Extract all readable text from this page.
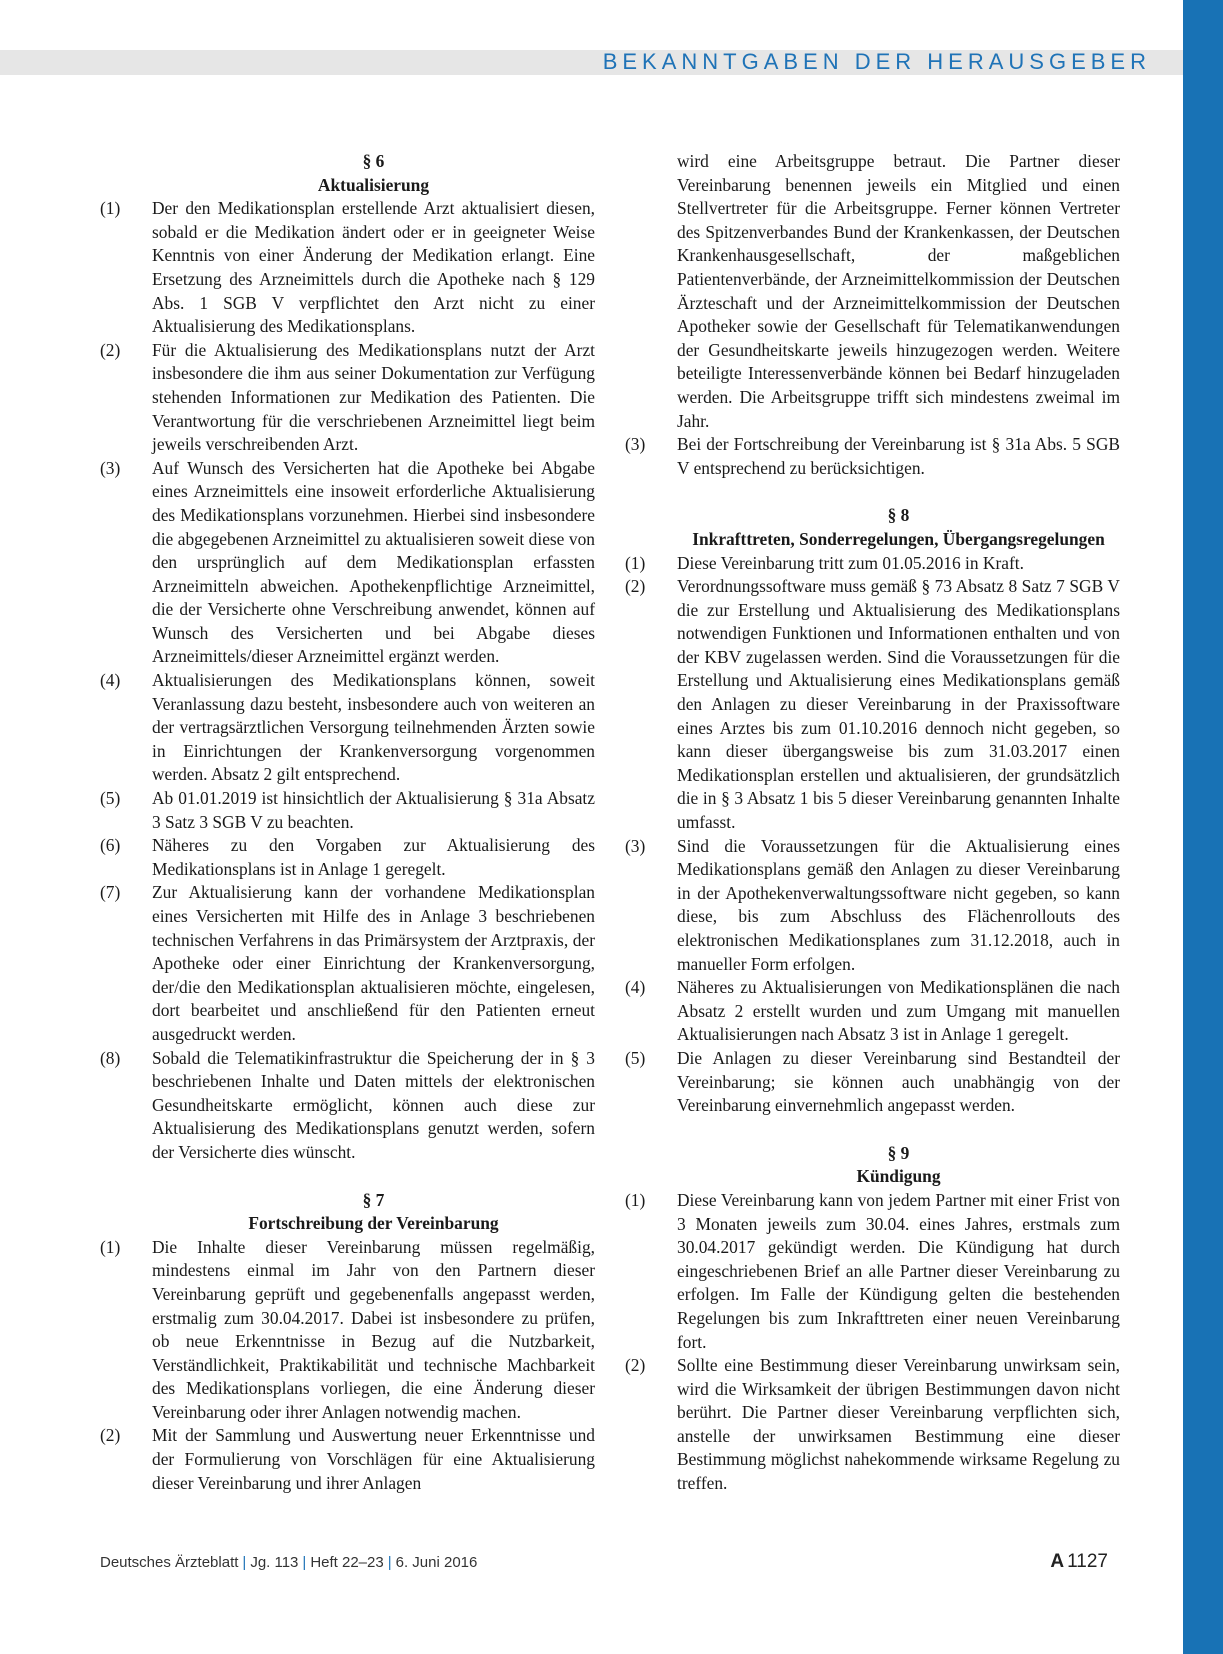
BEKANNTGABEN DER HERAUSGEBER
§ 6
Aktualisierung
(1)	Der den Medikationsplan erstellende Arzt aktualisiert diesen, sobald er die Medikation ändert oder er in geeigneter Weise Kenntnis von einer Änderung der Medikation erlangt. Eine Ersetzung des Arzneimittels durch die Apotheke nach § 129 Abs. 1 SGB V verpflichtet den Arzt nicht zu einer Aktualisierung des Medikationsplans.
(2)	Für die Aktualisierung des Medikationsplans nutzt der Arzt insbesondere die ihm aus seiner Dokumentation zur Verfügung stehenden Informationen zur Medikation des Patienten. Die Verantwortung für die verschriebenen Arzneimittel liegt beim jeweils verschreibenden Arzt.
(3)	Auf Wunsch des Versicherten hat die Apotheke bei Abgabe eines Arzneimittels eine insoweit erforderliche Aktualisierung des Medikationsplans vorzunehmen. Hierbei sind insbesondere die abgegebenen Arzneimittel zu aktualisieren soweit diese von den ursprünglich auf dem Medikationsplan erfassten Arzneimitteln abweichen. Apothekenpflichtige Arzneimittel, die der Versicherte ohne Verschreibung anwendet, können auf Wunsch des Versicherten und bei Abgabe dieses Arzneimittels/dieser Arzneimittel ergänzt werden.
(4)	Aktualisierungen des Medikationsplans können, soweit Veranlassung dazu besteht, insbesondere auch von weiteren an der vertragsärztlichen Versorgung teilnehmenden Ärzten sowie in Einrichtungen der Krankenversorgung vorgenommen werden. Absatz 2 gilt entsprechend.
(5)	Ab 01.01.2019 ist hinsichtlich der Aktualisierung § 31a Absatz 3 Satz 3 SGB V zu beachten.
(6)	Näheres zu den Vorgaben zur Aktualisierung des Medikationsplans ist in Anlage 1 geregelt.
(7)	Zur Aktualisierung kann der vorhandene Medikationsplan eines Versicherten mit Hilfe des in Anlage 3 beschriebenen technischen Verfahrens in das Primärsystem der Arztpraxis, der Apotheke oder einer Einrichtung der Krankenversorgung, der/die den Medikationsplan aktualisieren möchte, eingelesen, dort bearbeitet und anschließend für den Patienten erneut ausgedruckt werden.
(8)	Sobald die Telematikinfrastruktur die Speicherung der in § 3 beschriebenen Inhalte und Daten mittels der elektronischen Gesundheitskarte ermöglicht, können auch diese zur Aktualisierung des Medikationsplans genutzt werden, sofern der Versicherte dies wünscht.
§ 7
Fortschreibung der Vereinbarung
(1)	Die Inhalte dieser Vereinbarung müssen regelmäßig, mindestens einmal im Jahr von den Partnern dieser Vereinbarung geprüft und gegebenenfalls angepasst werden, erstmalig zum 30.04.2017. Dabei ist insbesondere zu prüfen, ob neue Erkenntnisse in Bezug auf die Nutzbarkeit, Verständlichkeit, Praktikabilität und technische Machbarkeit des Medikationsplans vorliegen, die eine Änderung dieser Vereinbarung oder ihrer Anlagen notwendig machen.
(2)	Mit der Sammlung und Auswertung neuer Erkenntnisse und der Formulierung von Vorschlägen für eine Aktualisierung dieser Vereinbarung und ihrer Anlagen
wird eine Arbeitsgruppe betraut. Die Partner dieser Vereinbarung benennen jeweils ein Mitglied und einen Stellvertreter für die Arbeitsgruppe. Ferner können Vertreter des Spitzenverbandes Bund der Krankenkassen, der Deutschen Krankenhausgesellschaft, der maßgeblichen Patientenverbände, der Arzneimittelkommission der Deutschen Ärzteschaft und der Arzneimittelkommission der Deutschen Apotheker sowie der Gesellschaft für Telematikanwendungen der Gesundheitskarte jeweils hinzugezogen werden. Weitere beteiligte Interessenverbände können bei Bedarf hinzugeladen werden. Die Arbeitsgruppe trifft sich mindestens zweimal im Jahr.
(3)	Bei der Fortschreibung der Vereinbarung ist § 31a Abs. 5 SGB V entsprechend zu berücksichtigen.
§ 8
Inkrafttreten, Sonderregelungen, Übergangsregelungen
(1)	Diese Vereinbarung tritt zum 01.05.2016 in Kraft.
(2)	Verordnungssoftware muss gemäß § 73 Absatz 8 Satz 7 SGB V die zur Erstellung und Aktualisierung des Medikationsplans notwendigen Funktionen und Informationen enthalten und von der KBV zugelassen werden. Sind die Voraussetzungen für die Erstellung und Aktualisierung eines Medikationsplans gemäß den Anlagen zu dieser Vereinbarung in der Praxissoftware eines Arztes bis zum 01.10.2016 dennoch nicht gegeben, so kann dieser übergangsweise bis zum 31.03.2017 einen Medikationsplan erstellen und aktualisieren, der grundsätzlich die in § 3 Absatz 1 bis 5 dieser Vereinbarung genannten Inhalte umfasst.
(3)	Sind die Voraussetzungen für die Aktualisierung eines Medikationsplans gemäß den Anlagen zu dieser Vereinbarung in der Apothekenverwaltungssoftware nicht gegeben, so kann diese, bis zum Abschluss des Flächenrollouts des elektronischen Medikationsplanes zum 31.12.2018, auch in manueller Form erfolgen.
(4)	Näheres zu Aktualisierungen von Medikationsplänen die nach Absatz 2 erstellt wurden und zum Umgang mit manuellen Aktualisierungen nach Absatz 3 ist in Anlage 1 geregelt.
(5)	Die Anlagen zu dieser Vereinbarung sind Bestandteil der Vereinbarung; sie können auch unabhängig von der Vereinbarung einvernehmlich angepasst werden.
§ 9
Kündigung
(1)	Diese Vereinbarung kann von jedem Partner mit einer Frist von 3 Monaten jeweils zum 30.04. eines Jahres, erstmals zum 30.04.2017 gekündigt werden. Die Kündigung hat durch eingeschriebenen Brief an alle Partner dieser Vereinbarung zu erfolgen. Im Falle der Kündigung gelten die bestehenden Regelungen bis zum Inkrafttreten einer neuen Vereinbarung fort.
(2)	Sollte eine Bestimmung dieser Vereinbarung unwirksam sein, wird die Wirksamkeit der übrigen Bestimmungen davon nicht berührt. Die Partner dieser Vereinbarung verpflichten sich, anstelle der unwirksamen Bestimmung eine dieser Bestimmung möglichst nahekommende wirksame Regelung zu treffen.
Deutsches Ärzteblatt | Jg. 113 | Heft 22–23 | 6. Juni 2016	A 1127
